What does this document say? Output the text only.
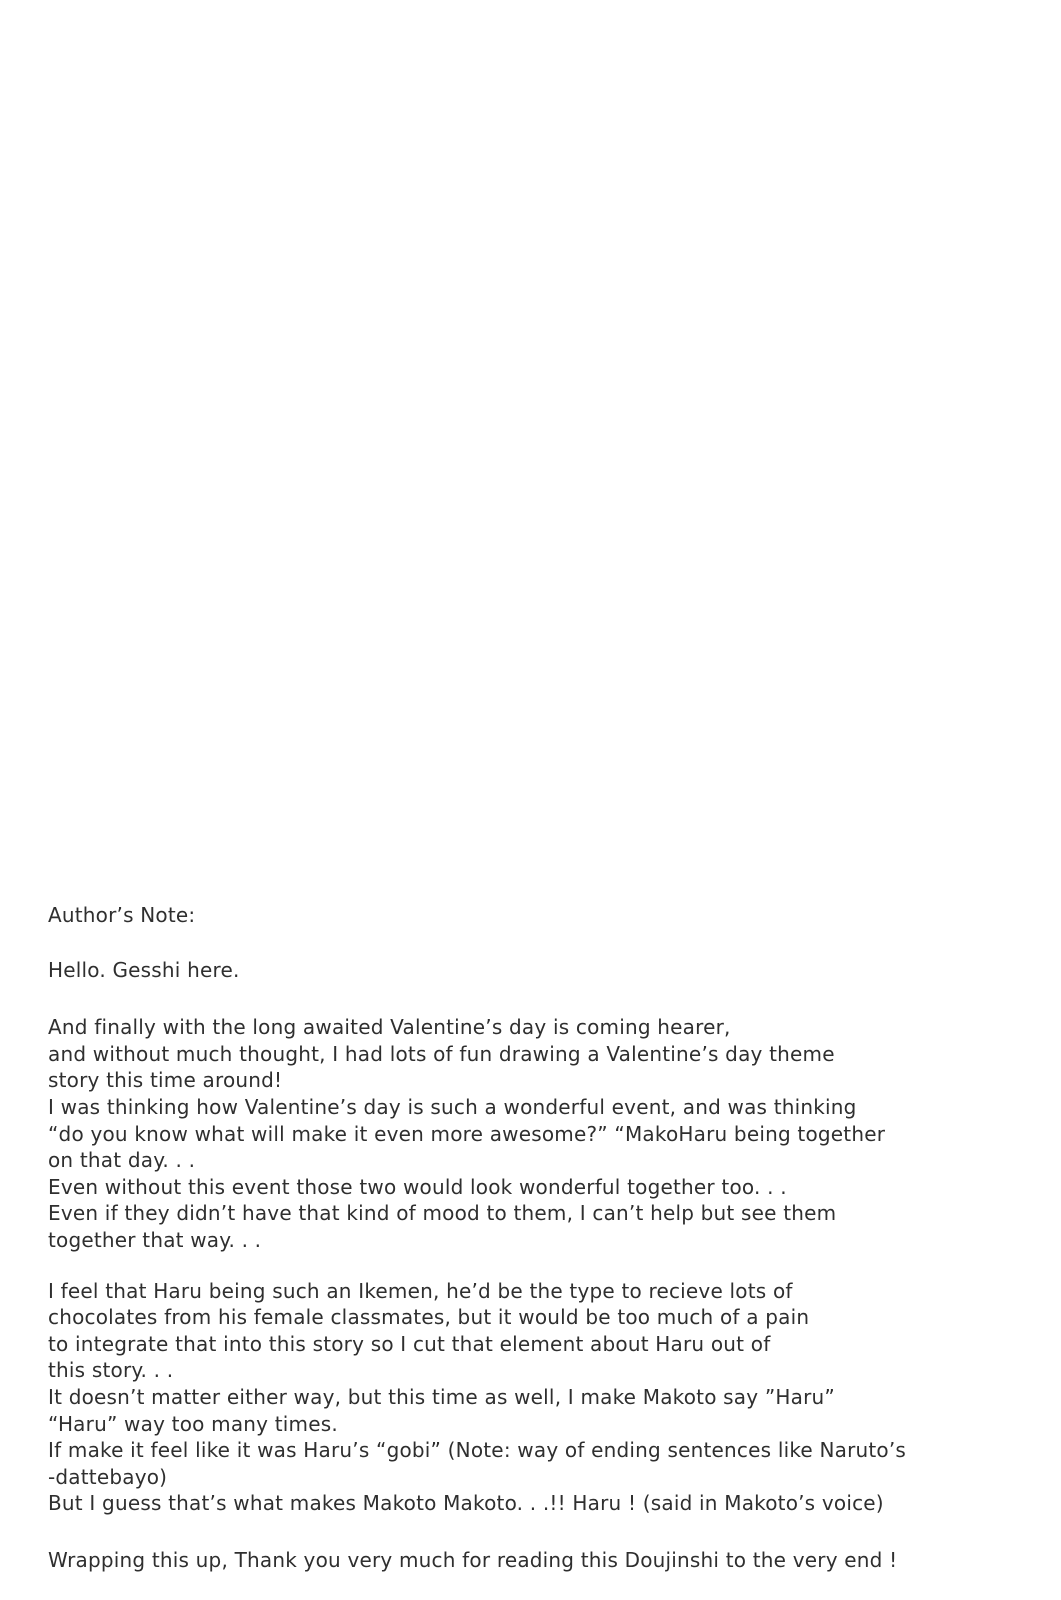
Author’s Note:
Hello. Gesshi here.
And finally with the long awaited Valentine’s day is coming hearer,
and without much thought, I had lots of fun drawing a Valentine’s day theme
story this time around!
I was thinking how Valentine’s day is such a wonderful event, and was thinking
“do you know what will make it even more awesome?” “MakoHaru being together
on that day. . .
Even without this event those two would look wonderful together too. . .
Even if they didn’t have that kind of mood to them, I can’t help but see them
together that way. . .
I feel that Haru being such an Ikemen, he’d be the type to recieve lots of
chocolates from his female classmates, but it would be too much of a pain
to integrate that into this story so I cut that element about Haru out of
this story. . .
It doesn’t matter either way, but this time as well, I make Makoto say ”Haru”
“Haru” way too many times.
If make it feel like it was Haru’s “gobi” (Note: way of ending sentences like Naruto’s
-dattebayo)
But I guess that’s what makes Makoto Makoto. . .!! Haru ! (said in Makoto’s voice)
Wrapping this up, Thank you very much for reading this Doujinshi to the very end !
